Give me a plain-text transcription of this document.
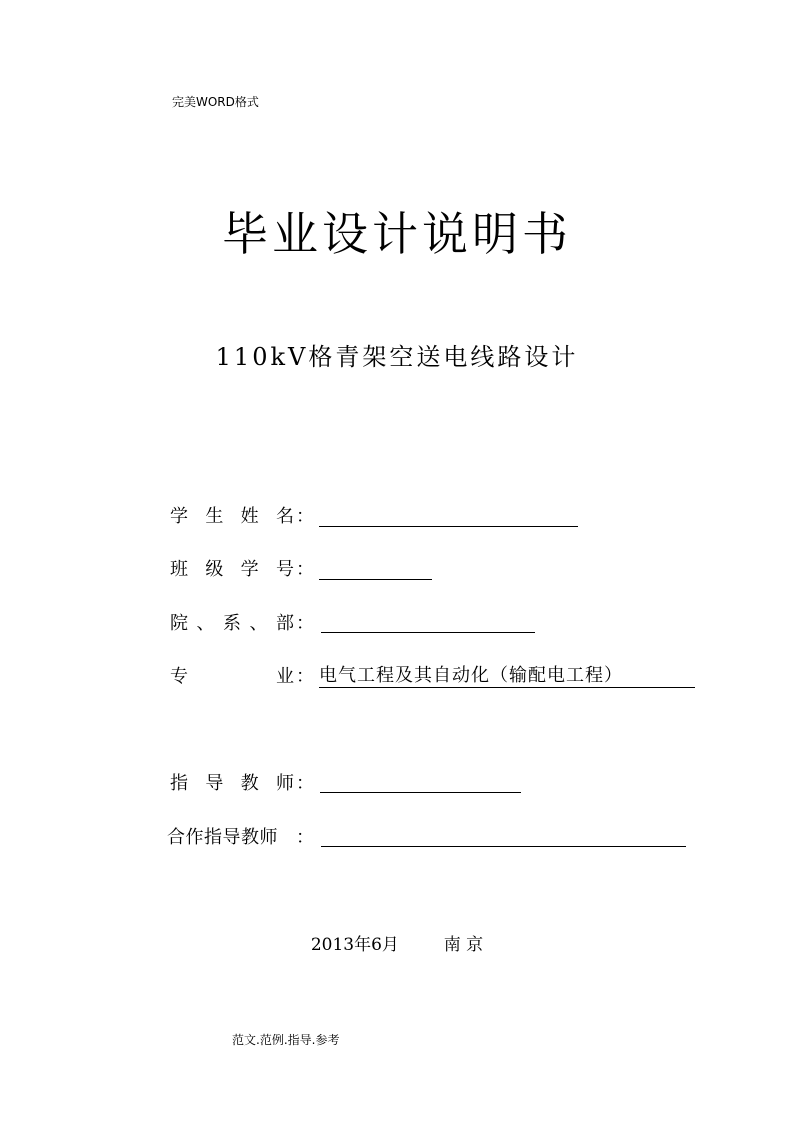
完美WORD格式
毕业设计说明书
110kV格青架空送电线路设计
学 生 姓 名 ：
班 级 学 号 ：
院 、 系 、 部 ：
专	业 ： 电气工程及其自动化（输配电工程）
指 导 教 师 ：
合作指导教师 ：
2013年6月	南 京
范文.范例.指导.参考
